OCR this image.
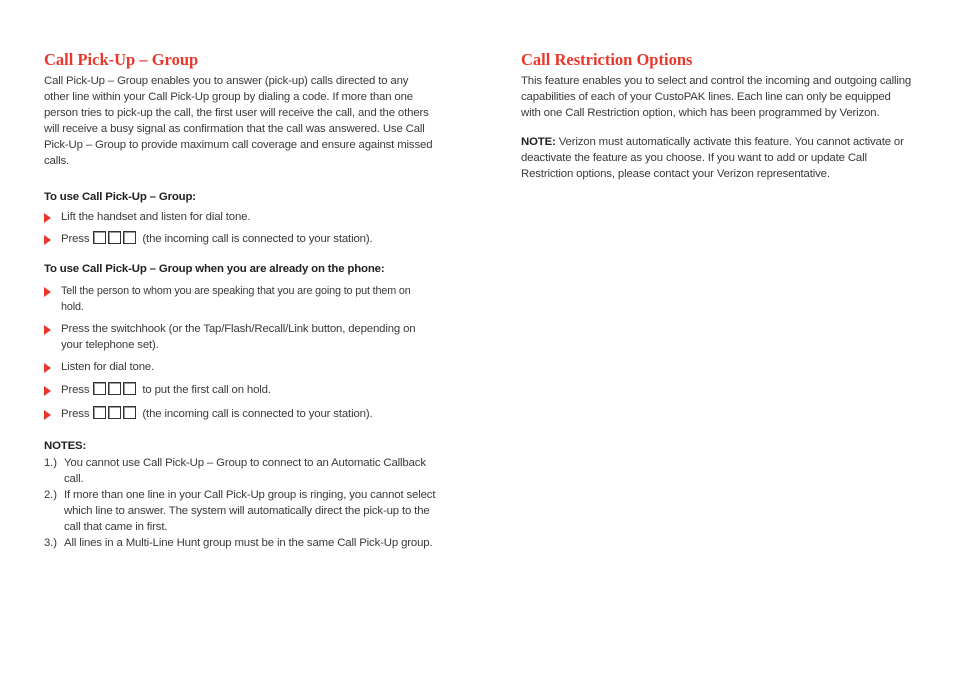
Call Pick-Up – Group

Call Pick-Up – Group enables you to answer (pick-up) calls directed to any other line within your Call Pick-Up group by dialing a code. If more than one person tries to pick-up the call, the first user will receive the call, and the others will receive a busy signal as confirmation that the call was answered. Use Call Pick-Up – Group to provide maximum call coverage and ensure against missed calls.

To use Call Pick-Up – Group:

Lift the handset and listen for dial tone.
Press	(the incoming call is connected to your station).

To use Call Pick-Up – Group when you are already on the phone:

Tell the person to whom you are speaking that you are going to put them on hold.
Press the switchhook (or the Tap/Flash/Recall/Link button, depending on your telephone set).
Listen for dial tone.
Press	to put the first call on hold.
Press	(the incoming call is connected to your station).

NOTES:

1.) You cannot use Call Pick-Up – Group to connect to an Automatic Callback call.
2.) If more than one line in your Call Pick-Up group is ringing, you cannot select which line to answer. The system will automatically direct the pick-up to the call that came in first.
3.) All lines in a Multi-Line Hunt group must be in the same Call Pick-Up group.
Call Restriction Options

This feature enables you to select and control the incoming and outgoing calling capabilities of each of your CustoPAK lines. Each line can only be equipped with one Call Restriction option, which has been programmed by Verizon.

NOTE: Verizon must automatically activate this feature. You cannot activate or deactivate the feature as you choose. If you want to add or update Call Restriction options, please contact your Verizon representative.
